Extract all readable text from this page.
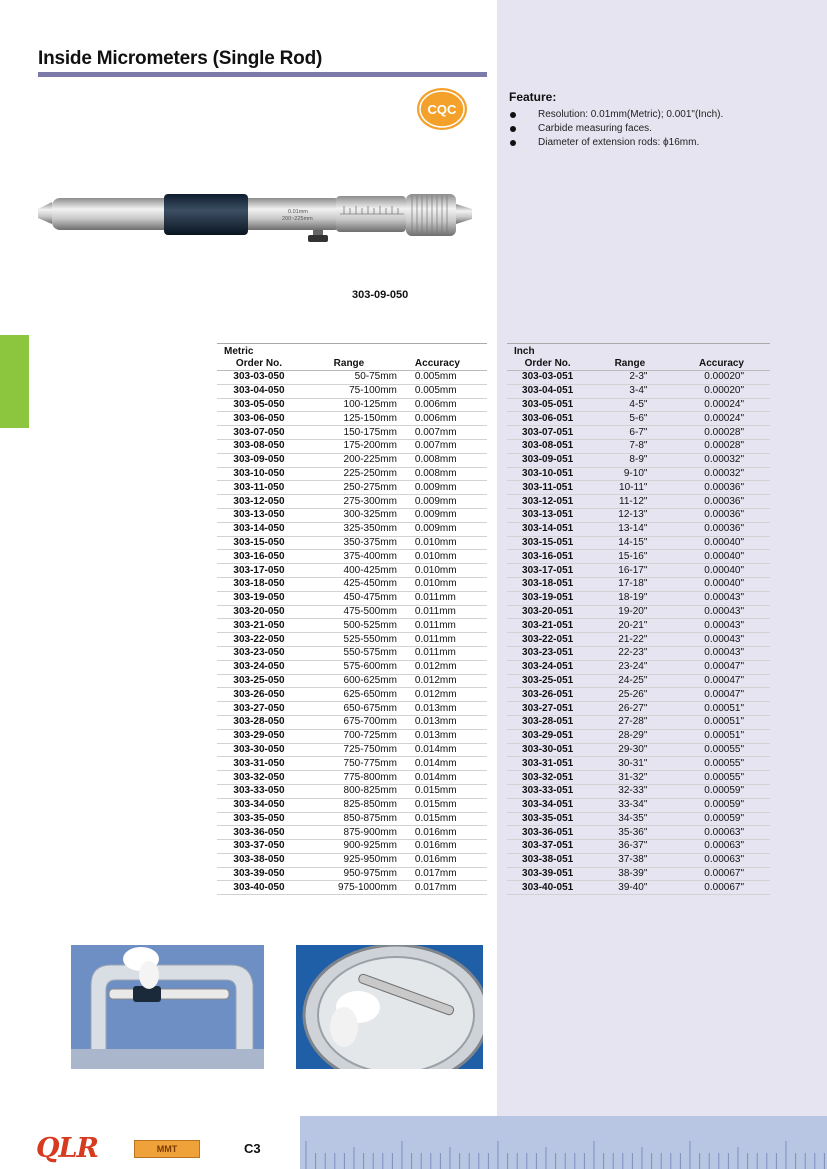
Inside Micrometers (Single Rod)
CQC
Feature:
Resolution: 0.01mm(Metric); 0.001"(Inch).
Carbide measuring faces.
Diameter of extension rods: ϕ16mm.
0.01mm
200~225mm
303-09-050
Metric		
Order No.	Range	Accuracy
303-03-050	50-75mm	0.005mm
303-04-050	75-100mm	0.005mm
303-05-050	100-125mm	0.006mm
303-06-050	125-150mm	0.006mm
303-07-050	150-175mm	0.007mm
303-08-050	175-200mm	0.007mm
303-09-050	200-225mm	0.008mm
303-10-050	225-250mm	0.008mm
303-11-050	250-275mm	0.009mm
303-12-050	275-300mm	0.009mm
303-13-050	300-325mm	0.009mm
303-14-050	325-350mm	0.009mm
303-15-050	350-375mm	0.010mm
303-16-050	375-400mm	0.010mm
303-17-050	400-425mm	0.010mm
303-18-050	425-450mm	0.010mm
303-19-050	450-475mm	0.011mm
303-20-050	475-500mm	0.011mm
303-21-050	500-525mm	0.011mm
303-22-050	525-550mm	0.011mm
303-23-050	550-575mm	0.011mm
303-24-050	575-600mm	0.012mm
303-25-050	600-625mm	0.012mm
303-26-050	625-650mm	0.012mm
303-27-050	650-675mm	0.013mm
303-28-050	675-700mm	0.013mm
303-29-050	700-725mm	0.013mm
303-30-050	725-750mm	0.014mm
303-31-050	750-775mm	0.014mm
303-32-050	775-800mm	0.014mm
303-33-050	800-825mm	0.015mm
303-34-050	825-850mm	0.015mm
303-35-050	850-875mm	0.015mm
303-36-050	875-900mm	0.016mm
303-37-050	900-925mm	0.016mm
303-38-050	925-950mm	0.016mm
303-39-050	950-975mm	0.017mm
303-40-050	975-1000mm	0.017mm
Inch		
Order No.	Range	Accuracy
303-03-051	2-3"	0.00020"
303-04-051	3-4"	0.00020"
303-05-051	4-5"	0.00024"
303-06-051	5-6"	0.00024"
303-07-051	6-7"	0.00028"
303-08-051	7-8"	0.00028"
303-09-051	8-9"	0.00032"
303-10-051	9-10"	0.00032"
303-11-051	10-11"	0.00036"
303-12-051	11-12"	0.00036"
303-13-051	12-13"	0.00036"
303-14-051	13-14"	0.00036"
303-15-051	14-15"	0.00040"
303-16-051	15-16"	0.00040"
303-17-051	16-17"	0.00040"
303-18-051	17-18"	0.00040"
303-19-051	18-19"	0.00043"
303-20-051	19-20"	0.00043"
303-21-051	20-21"	0.00043"
303-22-051	21-22"	0.00043"
303-23-051	22-23"	0.00043"
303-24-051	23-24"	0.00047"
303-25-051	24-25"	0.00047"
303-26-051	25-26"	0.00047"
303-27-051	26-27"	0.00051"
303-28-051	27-28"	0.00051"
303-29-051	28-29"	0.00051"
303-30-051	29-30"	0.00055"
303-31-051	30-31"	0.00055"
303-32-051	31-32"	0.00055"
303-33-051	32-33"	0.00059"
303-34-051	33-34"	0.00059"
303-35-051	34-35"	0.00059"
303-36-051	35-36"	0.00063"
303-37-051	36-37"	0.00063"
303-38-051	37-38"	0.00063"
303-39-051	38-39"	0.00067"
303-40-051	39-40"	0.00067"
QLR	MMT	C3
